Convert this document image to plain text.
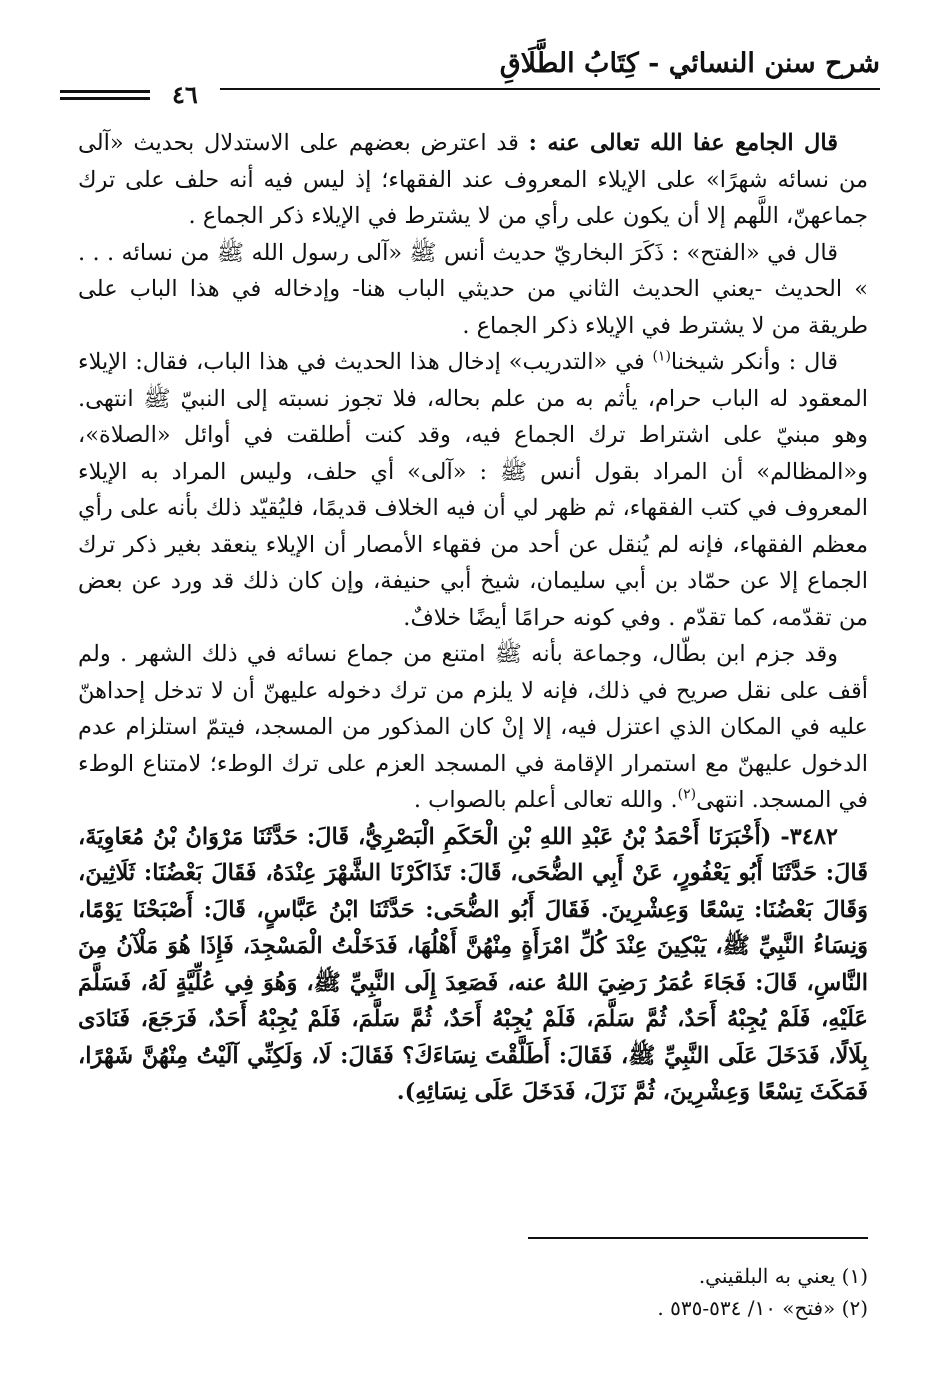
شرح سنن النسائي - كِتَابُ الطَّلَاقِ
٤٦

قال الجامع عفا الله تعالى عنه : قد اعترض بعضهم على الاستدلال بحديث «آلى من نسائه شهرًا» على الإيلاء المعروف عند الفقهاء؛ إذ ليس فيه أنه حلف على ترك جماعهنّ، اللَّهم إلا أن يكون على رأي من لا يشترط في الإيلاء ذكر الجماع .

قال في «الفتح» : ذَكَرَ البخاريّ حديث أنس ﷺ «آلى رسول الله ﷺ من نسائه . . . » الحديث -يعني الحديث الثاني من حديثي الباب هنا- وإدخاله في هذا الباب على طريقة من لا يشترط في الإيلاء ذكر الجماع .

قال : وأنكر شيخنا$^{(١)}$ في «التدريب» إدخال هذا الحديث في هذا الباب، فقال: الإيلاء المعقود له الباب حرام، يأثم به من علم بحاله، فلا تجوز نسبته إلى النبيّ ﷺ انتهى. وهو مبنيّ على اشتراط ترك الجماع فيه، وقد كنت أطلقت في أوائل «الصلاة»، و«المظالم» أن المراد بقول أنس ﷺ : «آلى» أي حلف، وليس المراد به الإيلاء المعروف في كتب الفقهاء، ثم ظهر لي أن فيه الخلاف قديمًا، فليُقيّد ذلك بأنه على رأي معظم الفقهاء، فإنه لم يُنقل عن أحد من فقهاء الأمصار أن الإيلاء ينعقد بغير ذكر ترك الجماع إلا عن حمّاد بن أبي سليمان، شيخ أبي حنيفة، وإن كان ذلك قد ورد عن بعض من تقدّمه، كما تقدّم . وفي كونه حرامًا أيضًا خلافٌ.

وقد جزم ابن بطّال، وجماعة بأنه ﷺ امتنع من جماع نسائه في ذلك الشهر . ولم أقف على نقل صريح في ذلك، فإنه لا يلزم من ترك دخوله عليهنّ أن لا تدخل إحداهنّ عليه في المكان الذي اعتزل فيه، إلا إنْ كان المذكور من المسجد، فيتمّ استلزام عدم الدخول عليهنّ مع استمرار الإقامة في المسجد العزم على ترك الوطء؛ لامتناع الوطء في المسجد. انتهى$^{(٢)}$. والله تعالى أعلم بالصواب .

٣٤٨٢- (أَخْبَرَنَا أَحْمَدُ بْنُ عَبْدِ اللهِ بْنِ الْحَكَمِ الْبَصْرِيُّ، قَالَ: حَدَّثَنَا مَرْوَانُ بْنُ مُعَاوِيَةَ، قَالَ: حَدَّثَنَا أَبُو يَعْفُورٍ، عَنْ أَبِي الضُّحَى، قَالَ: تَذَاكَرْنَا الشَّهْرَ عِنْدَهُ، فَقَالَ بَعْضُنَا: ثَلَاثِينَ، وَقَالَ بَعْضُنَا: تِسْعًا وَعِشْرِينَ. فَقَالَ أَبُو الضُّحَى: حَدَّثَنَا ابْنُ عَبَّاسٍ، قَالَ: أَصْبَحْنَا يَوْمًا، وَنِسَاءُ النَّبِيِّ ﷺ، يَبْكِينَ عِنْدَ كُلِّ امْرَأَةٍ مِنْهُنَّ أَهْلُهَا، فَدَخَلْتُ الْمَسْجِدَ، فَإِذَا هُوَ مَلْآنُ مِنَ النَّاسِ، قَالَ: فَجَاءَ عُمَرُ رَضِيَ اللهُ عنه، فَصَعِدَ إِلَى النَّبِيِّ ﷺ، وَهُوَ فِي عُلِّيَّةٍ لَهُ، فَسَلَّمَ عَلَيْهِ، فَلَمْ يُجِبْهُ أَحَدٌ، ثُمَّ سَلَّمَ، فَلَمْ يُجِبْهُ أَحَدٌ، ثُمَّ سَلَّمَ، فَلَمْ يُجِبْهُ أَحَدٌ، فَرَجَعَ، فَنَادَى بِلَالًا، فَدَخَلَ عَلَى النَّبِيِّ ﷺ، فَقَالَ: أَطَلَّقْتَ نِسَاءَكَ؟ فَقَالَ: لَا، وَلَكِنِّي آلَيْتُ مِنْهُنَّ شَهْرًا، فَمَكَثَ تِسْعًا وَعِشْرِينَ، ثُمَّ نَزَلَ، فَدَخَلَ عَلَى نِسَائِهِ).

(١) يعني به البلقيني.

(٢) «فتح» ١٠/ ٥٣٤-٥٣٥ .
